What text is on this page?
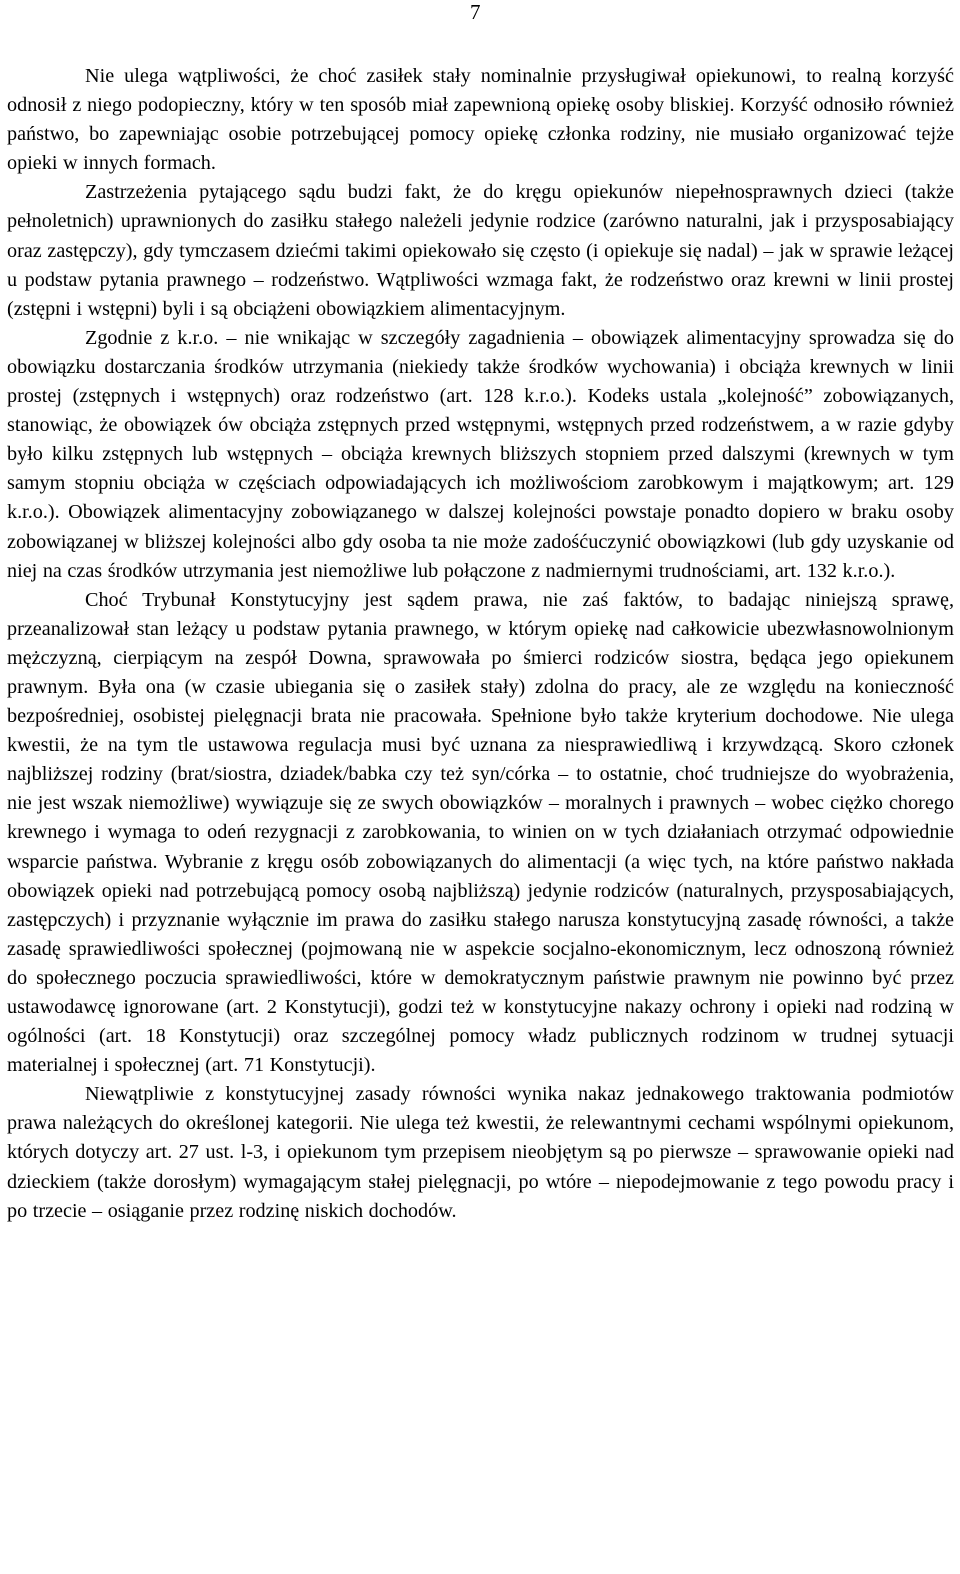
7

Nie ulega wątpliwości, że choć zasiłek stały nominalnie przysługiwał opiekunowi, to realną korzyść odnosił z niego podopieczny, który w ten sposób miał zapewnioną opiekę osoby bliskiej. Korzyść odnosiło również państwo, bo zapewniając osobie potrzebującej pomocy opiekę członka rodziny, nie musiało organizować tejże opieki w innych formach.

Zastrzeżenia pytającego sądu budzi fakt, że do kręgu opiekunów niepełnosprawnych dzieci (także pełnoletnich) uprawnionych do zasiłku stałego należeli jedynie rodzice (zarówno naturalni, jak i przysposabiający oraz zastępczy), gdy tymczasem dziećmi takimi opiekowało się często (i opiekuje się nadal) – jak w sprawie leżącej u podstaw pytania prawnego – rodzeństwo. Wątpliwości wzmaga fakt, że rodzeństwo oraz krewni w linii prostej (zstępni i wstępni) byli i są obciążeni obowiązkiem alimentacyjnym.

Zgodnie z k.r.o. – nie wnikając w szczegóły zagadnienia – obowiązek alimentacyjny sprowadza się do obowiązku dostarczania środków utrzymania (niekiedy także środków wychowania) i obciąża krewnych w linii prostej (zstępnych i wstępnych) oraz rodzeństwo (art. 128 k.r.o.). Kodeks ustala „kolejność” zobowiązanych, stanowiąc, że obowiązek ów obciąża zstępnych przed wstępnymi, wstępnych przed rodzeństwem, a w razie gdyby było kilku zstępnych lub wstępnych – obciąża krewnych bliższych stopniem przed dalszymi (krewnych w tym samym stopniu obciąża w częściach odpowiadających ich możliwościom zarobkowym i majątkowym; art. 129 k.r.o.). Obowiązek alimentacyjny zobowiązanego w dalszej kolejności powstaje ponadto dopiero w braku osoby zobowiązanej w bliższej kolejności albo gdy osoba ta nie może zadośćuczynić obowiązkowi (lub gdy uzyskanie od niej na czas środków utrzymania jest niemożliwe lub połączone z nadmiernymi trudnościami, art. 132 k.r.o.).

Choć Trybunał Konstytucyjny jest sądem prawa, nie zaś faktów, to badając niniejszą sprawę, przeanalizował stan leżący u podstaw pytania prawnego, w którym opiekę nad całkowicie ubezwłasnowolnionym mężczyzną, cierpiącym na zespół Downa, sprawowała po śmierci rodziców siostra, będąca jego opiekunem prawnym. Była ona (w czasie ubiegania się o zasiłek stały) zdolna do pracy, ale ze względu na konieczność bezpośredniej, osobistej pielęgnacji brata nie pracowała. Spełnione było także kryterium dochodowe. Nie ulega kwestii, że na tym tle ustawowa regulacja musi być uznana za niesprawiedliwą i krzywdzącą. Skoro członek najbliższej rodziny (brat/siostra, dziadek/babka czy też syn/córka – to ostatnie, choć trudniejsze do wyobrażenia, nie jest wszak niemożliwe) wywiązuje się ze swych obowiązków – moralnych i prawnych – wobec ciężko chorego krewnego i wymaga to odeń rezygnacji z zarobkowania, to winien on w tych działaniach otrzymać odpowiednie wsparcie państwa. Wybranie z kręgu osób zobowiązanych do alimentacji (a więc tych, na które państwo nakłada obowiązek opieki nad potrzebującą pomocy osobą najbliższą) jedynie rodziców (naturalnych, przysposabiających, zastępczych) i przyznanie wyłącznie im prawa do zasiłku stałego narusza konstytucyjną zasadę równości, a także zasadę sprawiedliwości społecznej (pojmowaną nie w aspekcie socjalno-ekonomicznym, lecz odnoszoną również do społecznego poczucia sprawiedliwości, które w demokratycznym państwie prawnym nie powinno być przez ustawodawcę ignorowane (art. 2 Konstytucji), godzi też w konstytucyjne nakazy ochrony i opieki nad rodziną w ogólności (art. 18 Konstytucji) oraz szczególnej pomocy władz publicznych rodzinom w trudnej sytuacji materialnej i społecznej (art. 71 Konstytucji).

Niewątpliwie z konstytucyjnej zasady równości wynika nakaz jednakowego traktowania podmiotów prawa należących do określonej kategorii. Nie ulega też kwestii, że relewantnymi cechami wspólnymi opiekunom, których dotyczy art. 27 ust. l-3, i opiekunom tym przepisem nieobjętym są po pierwsze – sprawowanie opieki nad dzieckiem (także dorosłym) wymagającym stałej pielęgnacji, po wtóre – niepodejmowanie z tego powodu pracy i po trzecie – osiąganie przez rodzinę niskich dochodów.
